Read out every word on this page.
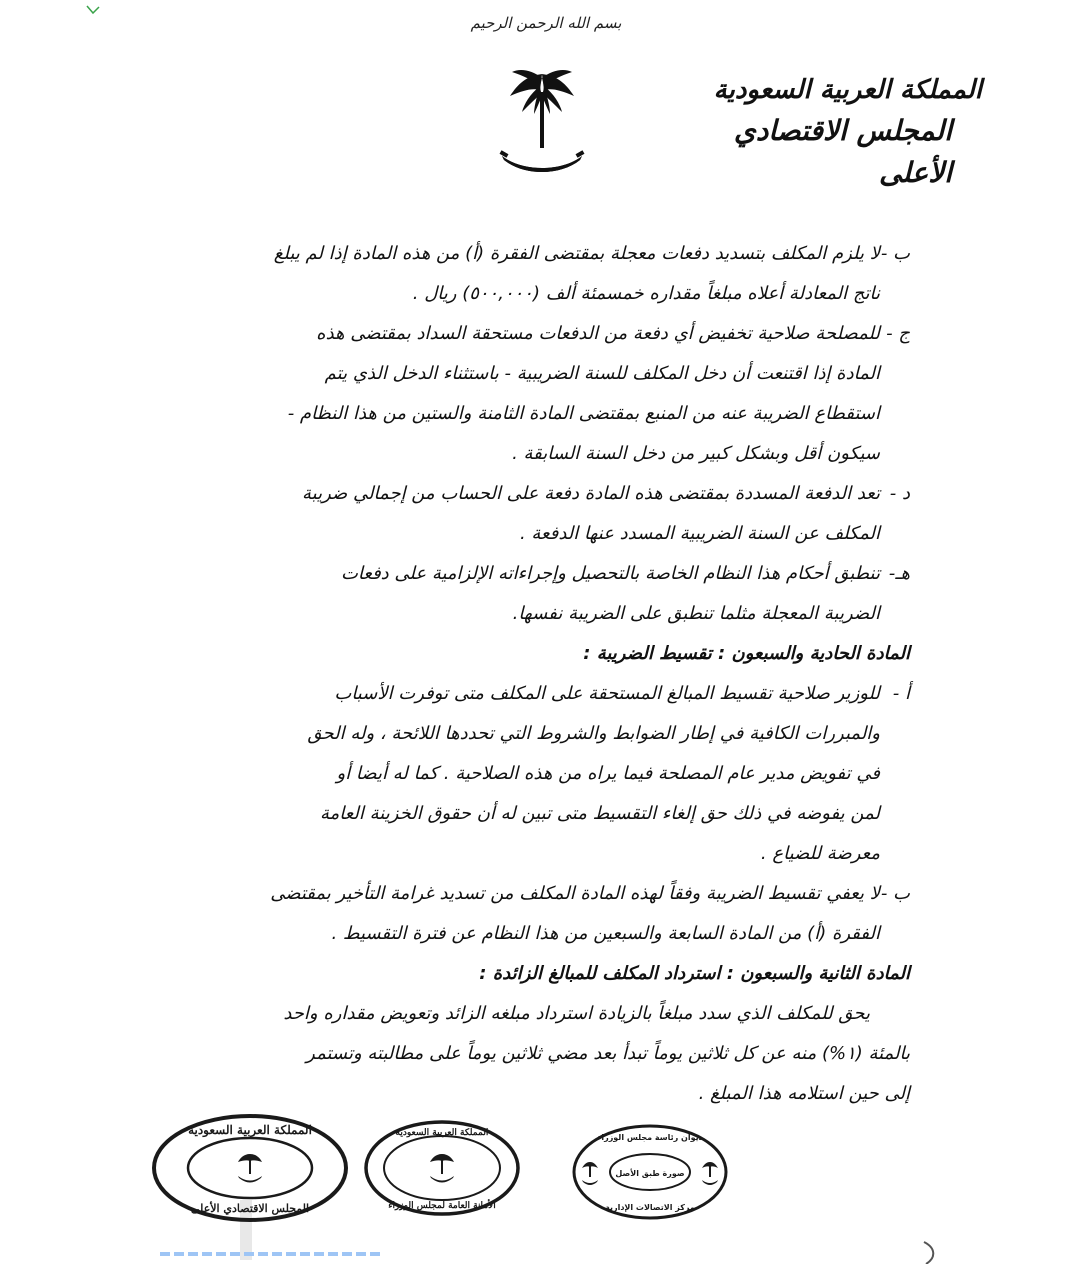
بسم الله الرحمن الرحيم
المملكة العربية السعودية
المجلس الاقتصادي الأعلى
ب -
لا يلزم المكلف بتسديد دفعات معجلة بمقتضى الفقرة (أ) من هذه المادة إذا لم يبلغ
ناتج المعادلة أعلاه مبلغاً مقداره خمسمئة ألف (٥٠٠,٠٠٠) ريال .
ج -
للمصلحة صلاحية تخفيض أي دفعة من الدفعات مستحقة السداد بمقتضى هذه
المادة إذا اقتنعت أن دخل المكلف للسنة الضريبية - باستثناء الدخل الذي يتم
استقطاع الضريبة عنه من المنبع بمقتضى المادة الثامنة والستين من هذا النظام -
سيكون أقل وبشكل كبير من دخل السنة السابقة .
د -
تعد الدفعة المسددة بمقتضى هذه المادة دفعة على الحساب من إجمالي ضريبة
المكلف عن السنة الضريبية المسدد عنها الدفعة .
هـ-
تنطبق أحكام هذا النظام الخاصة بالتحصيل وإجراءاته الإلزامية على دفعات
الضريبة المعجلة مثلما تنطبق على الضريبة نفسها.
المادة الحادية والسبعون : تقسيط الضريبة :
أ -
للوزير صلاحية تقسيط المبالغ المستحقة على المكلف متى توفرت الأسباب
والمبررات الكافية في إطار الضوابط والشروط التي تحددها اللائحة ، وله الحق
في تفويض مدير عام المصلحة فيما يراه من هذه الصلاحية . كما له أيضا أو
لمن يفوضه في ذلك حق إلغاء التقسيط متى تبين له أن حقوق الخزينة العامة
معرضة للضياع .
ب -
لا يعفي تقسيط الضريبة وفقاً لهذه المادة المكلف من تسديد غرامة التأخير بمقتضى
الفقرة (أ) من المادة السابعة والسبعين من هذا النظام عن فترة التقسيط .
المادة الثانية والسبعون : استرداد المكلف للمبالغ الزائدة :
يحق للمكلف الذي سدد مبلغاً بالزيادة استرداد مبلغه الزائد وتعويض مقداره واحد
بالمئة (١%) منه عن كل ثلاثين يوماً تبدأ بعد مضي ثلاثين يوماً على مطالبته وتستمر
إلى حين استلامه هذا المبلغ .
المملكة العربية السعودية
المجلس الاقتصادي الأعلى
المملكة العربية السعودية
الأمانة العامة لمجلس الوزراء
ديوان رئاسة مجلس الوزراء
صورة طبق الأصل
مركز الاتصالات الإدارية
